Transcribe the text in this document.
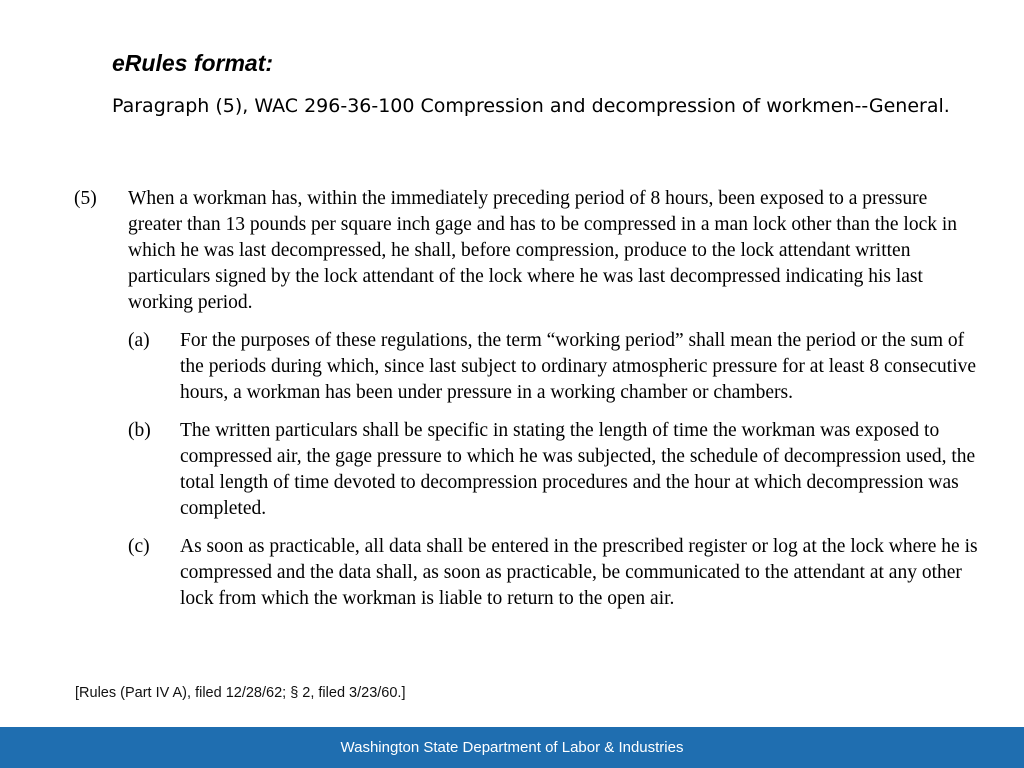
eRules format:

Paragraph (5), WAC 296-36-100 Compression and decompression of workmen--General.

(5)	When a workman has, within the immediately preceding period of 8 hours, been exposed to a pressure greater than 13 pounds per square inch gage and has to be compressed in a man lock other than the lock in which he was last decompressed, he shall, before compression, produce to the lock attendant written particulars signed by the lock attendant of the lock where he was last decompressed indicating his last working period.
(a)	For the purposes of these regulations, the term “working period” shall mean the period or the sum of the periods during which, since last subject to ordinary atmospheric pressure for at least 8 consecutive hours, a workman has been under pressure in a working chamber or chambers.
(b)	The written particulars shall be specific in stating the length of time the workman was exposed to compressed air, the gage pressure to which he was subjected, the schedule of decompression used, the total length of time devoted to decompression procedures and the hour at which decompression was completed.
(c)	As soon as practicable, all data shall be entered in the prescribed register or log at the lock where he is compressed and the data shall, as soon as practicable, be communicated to the attendant at any other lock from which the workman is liable to return to the open air.
[Rules (Part IV A), filed 12/28/62; § 2, filed 3/23/60.]
Washington State Department of Labor & Industries
